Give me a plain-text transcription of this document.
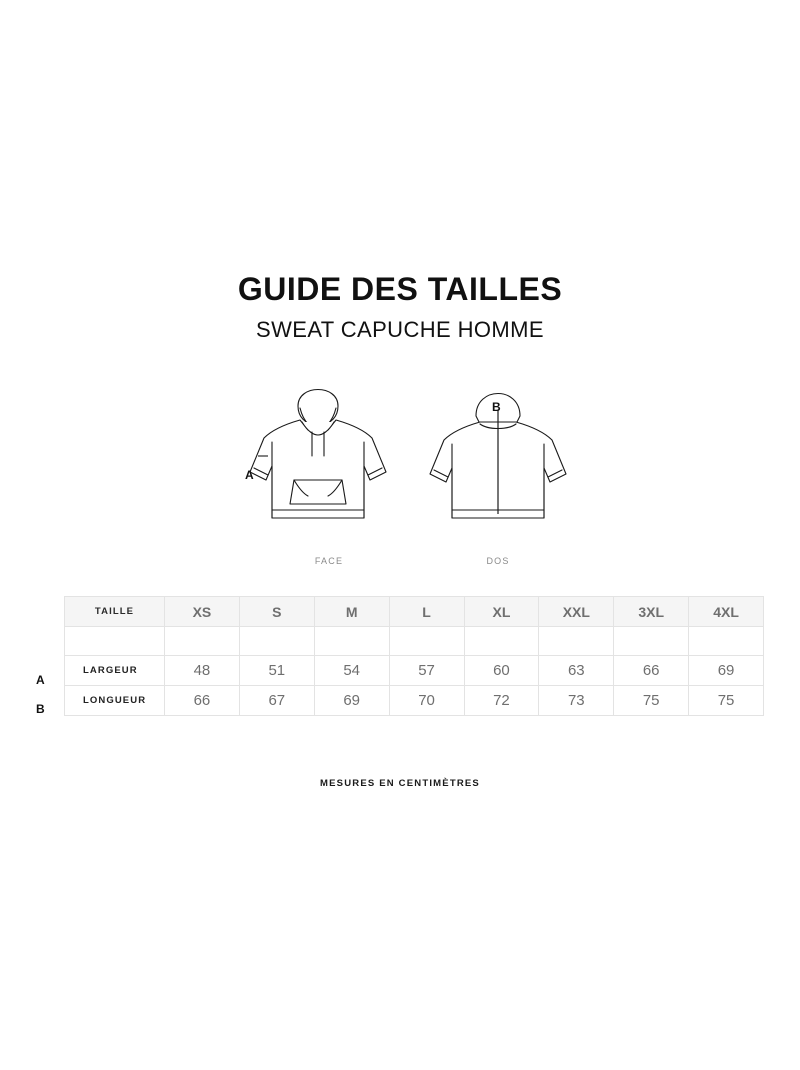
GUIDE DES TAILLES
SWEAT CAPUCHE HOMME
A
B
FACE	DOS
A
B
TAILLE	XS	S	M	L	XL	XXL	3XL	4XL

LARGEUR	48	51	54	57	60	63	66	69
LONGUEUR	66	67	69	70	72	73	75	75
MESURES EN CENTIMÈTRES
